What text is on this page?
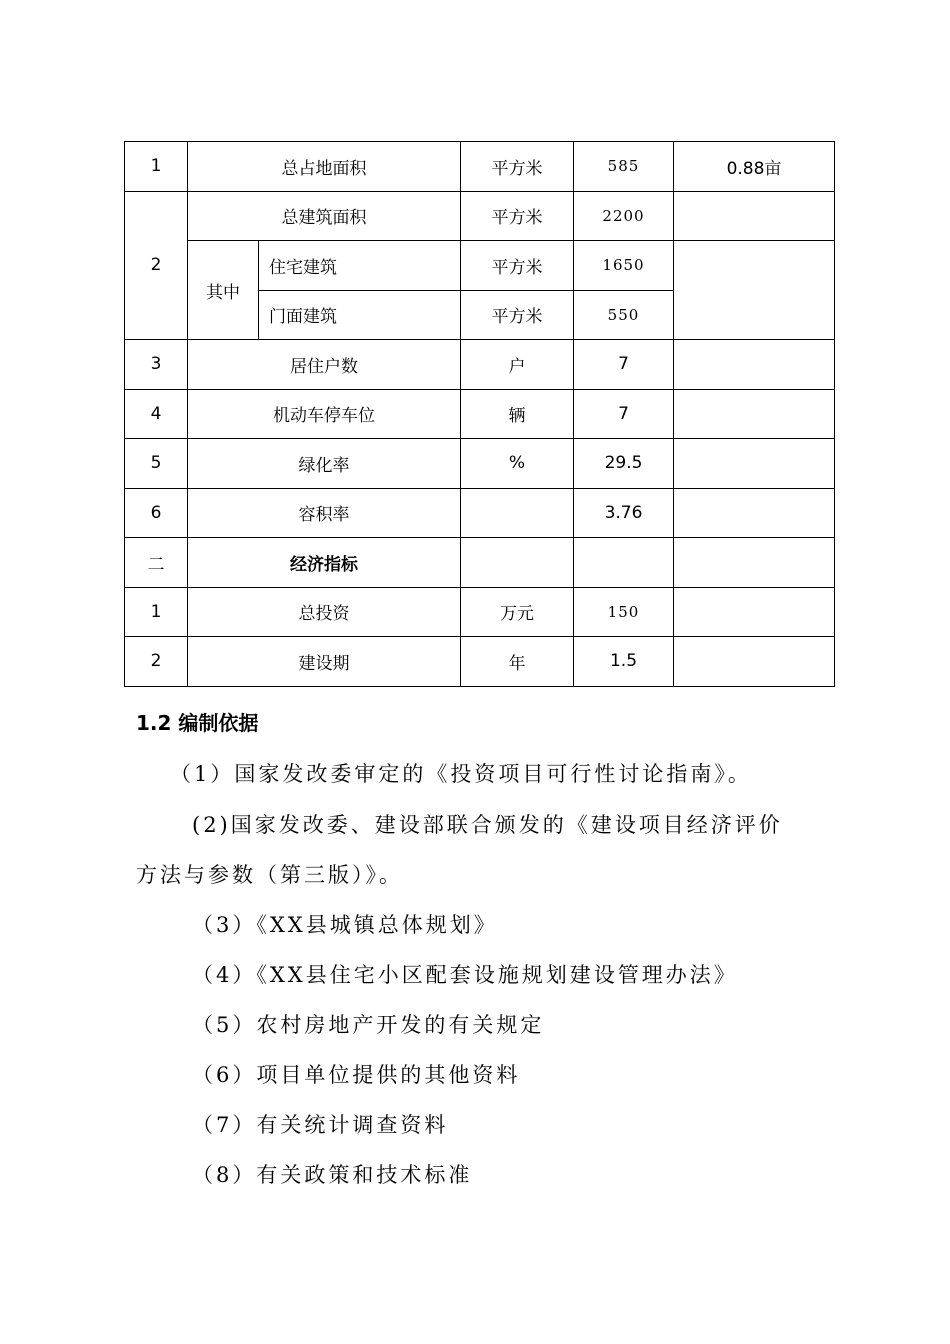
1	总占地面积		平方米	585	0.88亩
2	总建筑面积		平方米	2200	
	其中	住宅建筑	平方米	1650	
		门面建筑	平方米	550	
3	居住户数		户	7	
4	机动车停车位		辆	7	
5	绿化率		%	29.5	
6	容积率			3.76	
二	经济指标				
1	总投资		万元	150	
2	建设期		年	1.5	
1.2 编制依据
（1）国家发改委审定的《投资项目可行性讨论指南》。
(2)国家发改委、建设部联合颁发的《建设项目经济评价
方法与参数（第三版）》。
（3）《XX县城镇总体规划》
（4）《XX县住宅小区配套设施规划建设管理办法》
（5）农村房地产开发的有关规定
（6）项目单位提供的其他资料
（7）有关统计调查资料
（8）有关政策和技术标准
